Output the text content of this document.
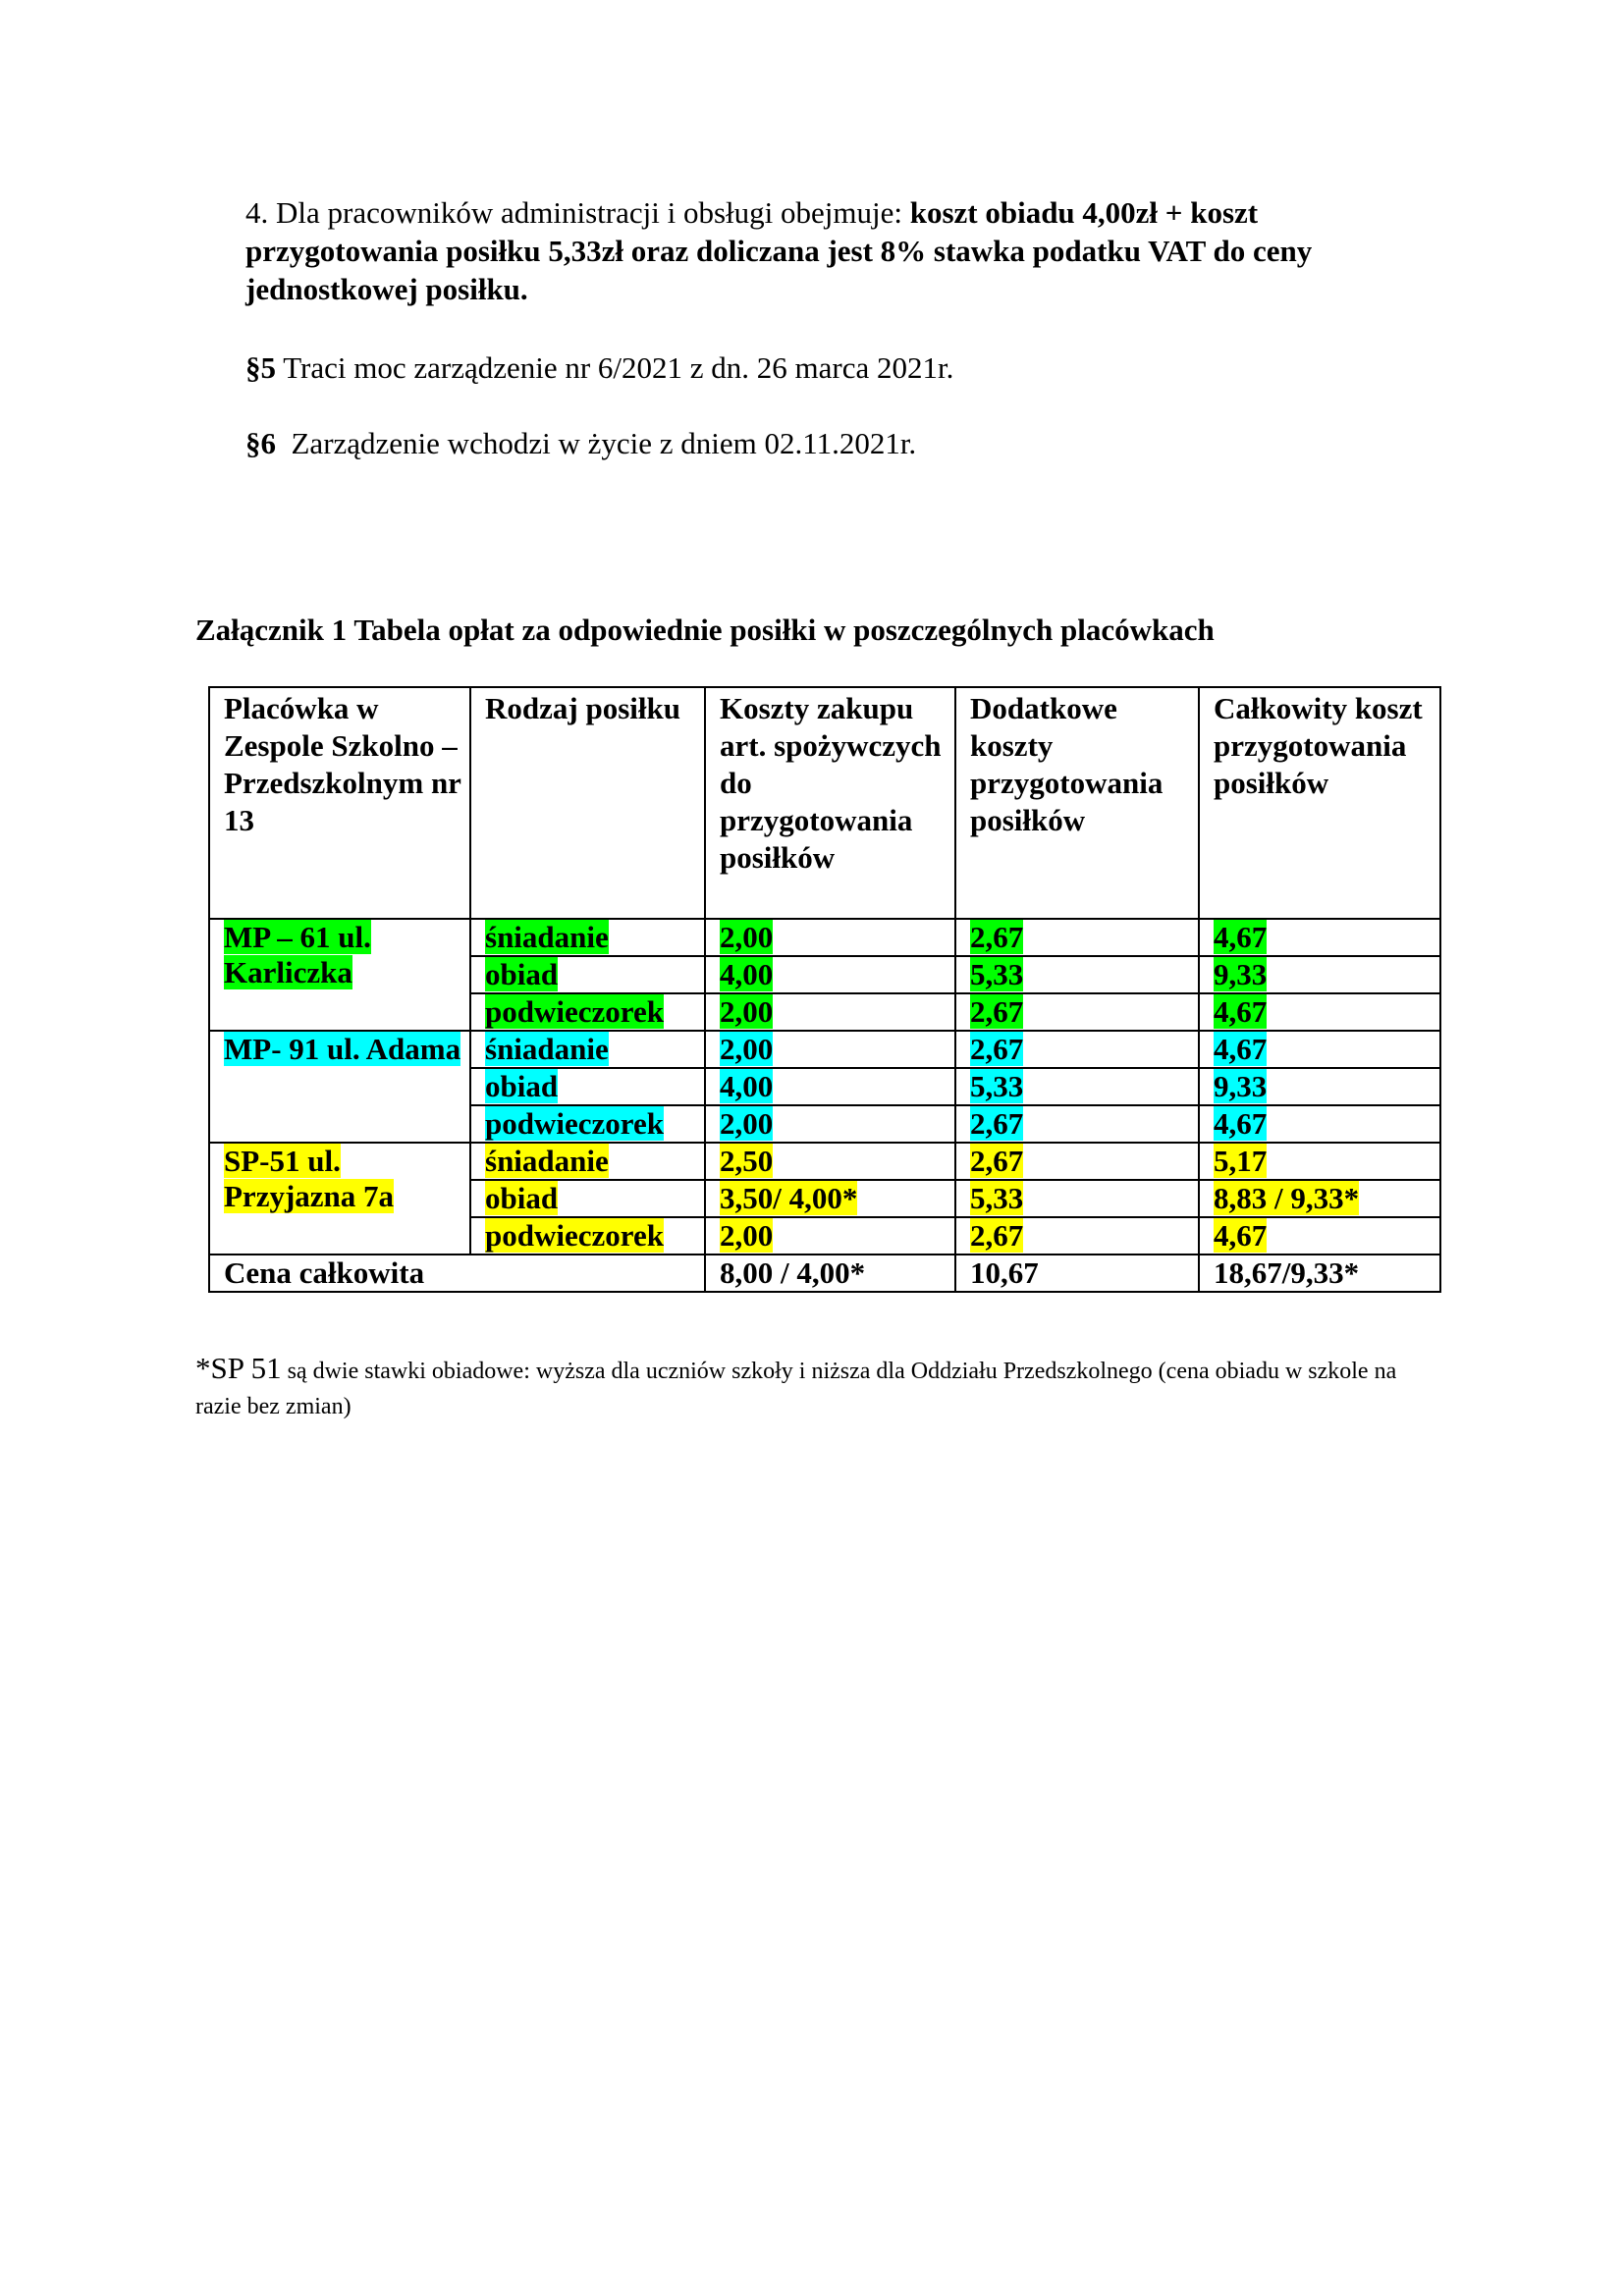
4. Dla pracowników administracji i obsługi obejmuje: koszt obiadu 4,00zł + koszt przygotowania posiłku 5,33zł oraz doliczana jest 8% stawka podatku VAT do ceny jednostkowej posiłku.
§5 Traci moc zarządzenie nr 6/2021 z dn. 26 marca 2021r.
§6  Zarządzenie wchodzi w życie z dniem 02.11.2021r.
Załącznik 1 Tabela opłat za odpowiednie posiłki w poszczególnych placówkach
Placówka w Zespole Szkolno – Przedszkolnym nr 13	Rodzaj posiłku	Koszty zakupu art. spożywczych do przygotowania posiłków	Dodatkowe koszty przygotowania posiłków	Całkowity koszt przygotowania posiłków
MP – 61 ul. Karliczka	śniadanie	2,00	2,67	4,67
	obiad	4,00	5,33	9,33
	podwieczorek	2,00	2,67	4,67
MP- 91 ul. Adama	śniadanie	2,00	2,67	4,67
	obiad	4,00	5,33	9,33
	podwieczorek	2,00	2,67	4,67
SP-51 ul. Przyjazna 7a	śniadanie	2,50	2,67	5,17
	obiad	3,50/ 4,00*	5,33	8,83 / 9,33*
	podwieczorek	2,00	2,67	4,67
Cena całkowita		8,00 / 4,00*	10,67	18,67/9,33*
*SP 51 są dwie stawki obiadowe: wyższa dla uczniów szkoły i niższa dla Oddziału Przedszkolnego (cena obiadu w szkole na razie bez zmian)
